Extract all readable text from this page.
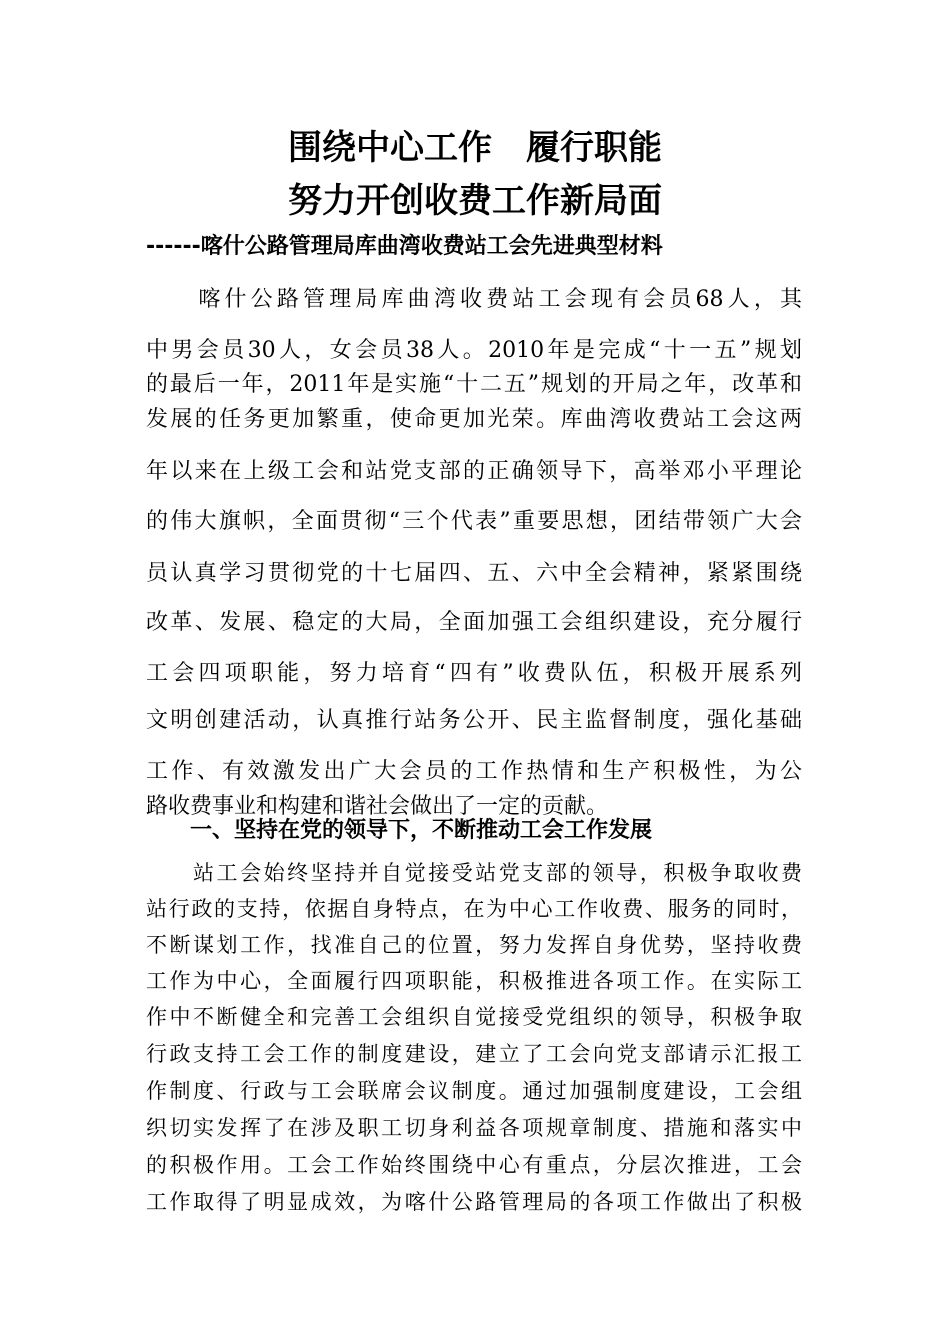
围绕中心工作　履行职能
努力开创收费工作新局面
------喀什公路管理局库曲湾收费站工会先进典型材料
　　喀什公路管理局库曲湾收费站工会现有会员68人，其
中男会员30人，女会员38人。2010年是完成“十一五”规划
的最后一年，2011年是实施“十二五”规划的开局之年，改革和
发展的任务更加繁重，使命更加光荣。库曲湾收费站工会这两
年以来在上级工会和站党支部的正确领导下，高举邓小平理论
的伟大旗帜，全面贯彻“三个代表”重要思想，团结带领广大会
员认真学习贯彻党的十七届四、五、六中全会精神，紧紧围绕
改革、发展、稳定的大局，全面加强工会组织建设，充分履行
工会四项职能，努力培育“四有”收费队伍，积极开展系列
文明创建活动，认真推行站务公开、民主监督制度，强化基础
工作、有效激发出广大会员的工作热情和生产积极性，为公
路收费事业和构建和谐社会做出了一定的贡献。
一、坚持在党的领导下，不断推动工会工作发展
　　站工会始终坚持并自觉接受站党支部的领导，积极争取收费
站行政的支持，依据自身特点，在为中心工作收费、服务的同时，
不断谋划工作，找准自己的位置，努力发挥自身优势，坚持收费
工作为中心，全面履行四项职能，积极推进各项工作。在实际工
作中不断健全和完善工会组织自觉接受党组织的领导，积极争取
行政支持工会工作的制度建设，建立了工会向党支部请示汇报工
作制度、行政与工会联席会议制度。通过加强制度建设，工会组
织切实发挥了在涉及职工切身利益各项规章制度、措施和落实中
的积极作用。工会工作始终围绕中心有重点，分层次推进，工会
工作取得了明显成效，为喀什公路管理局的各项工作做出了积极
